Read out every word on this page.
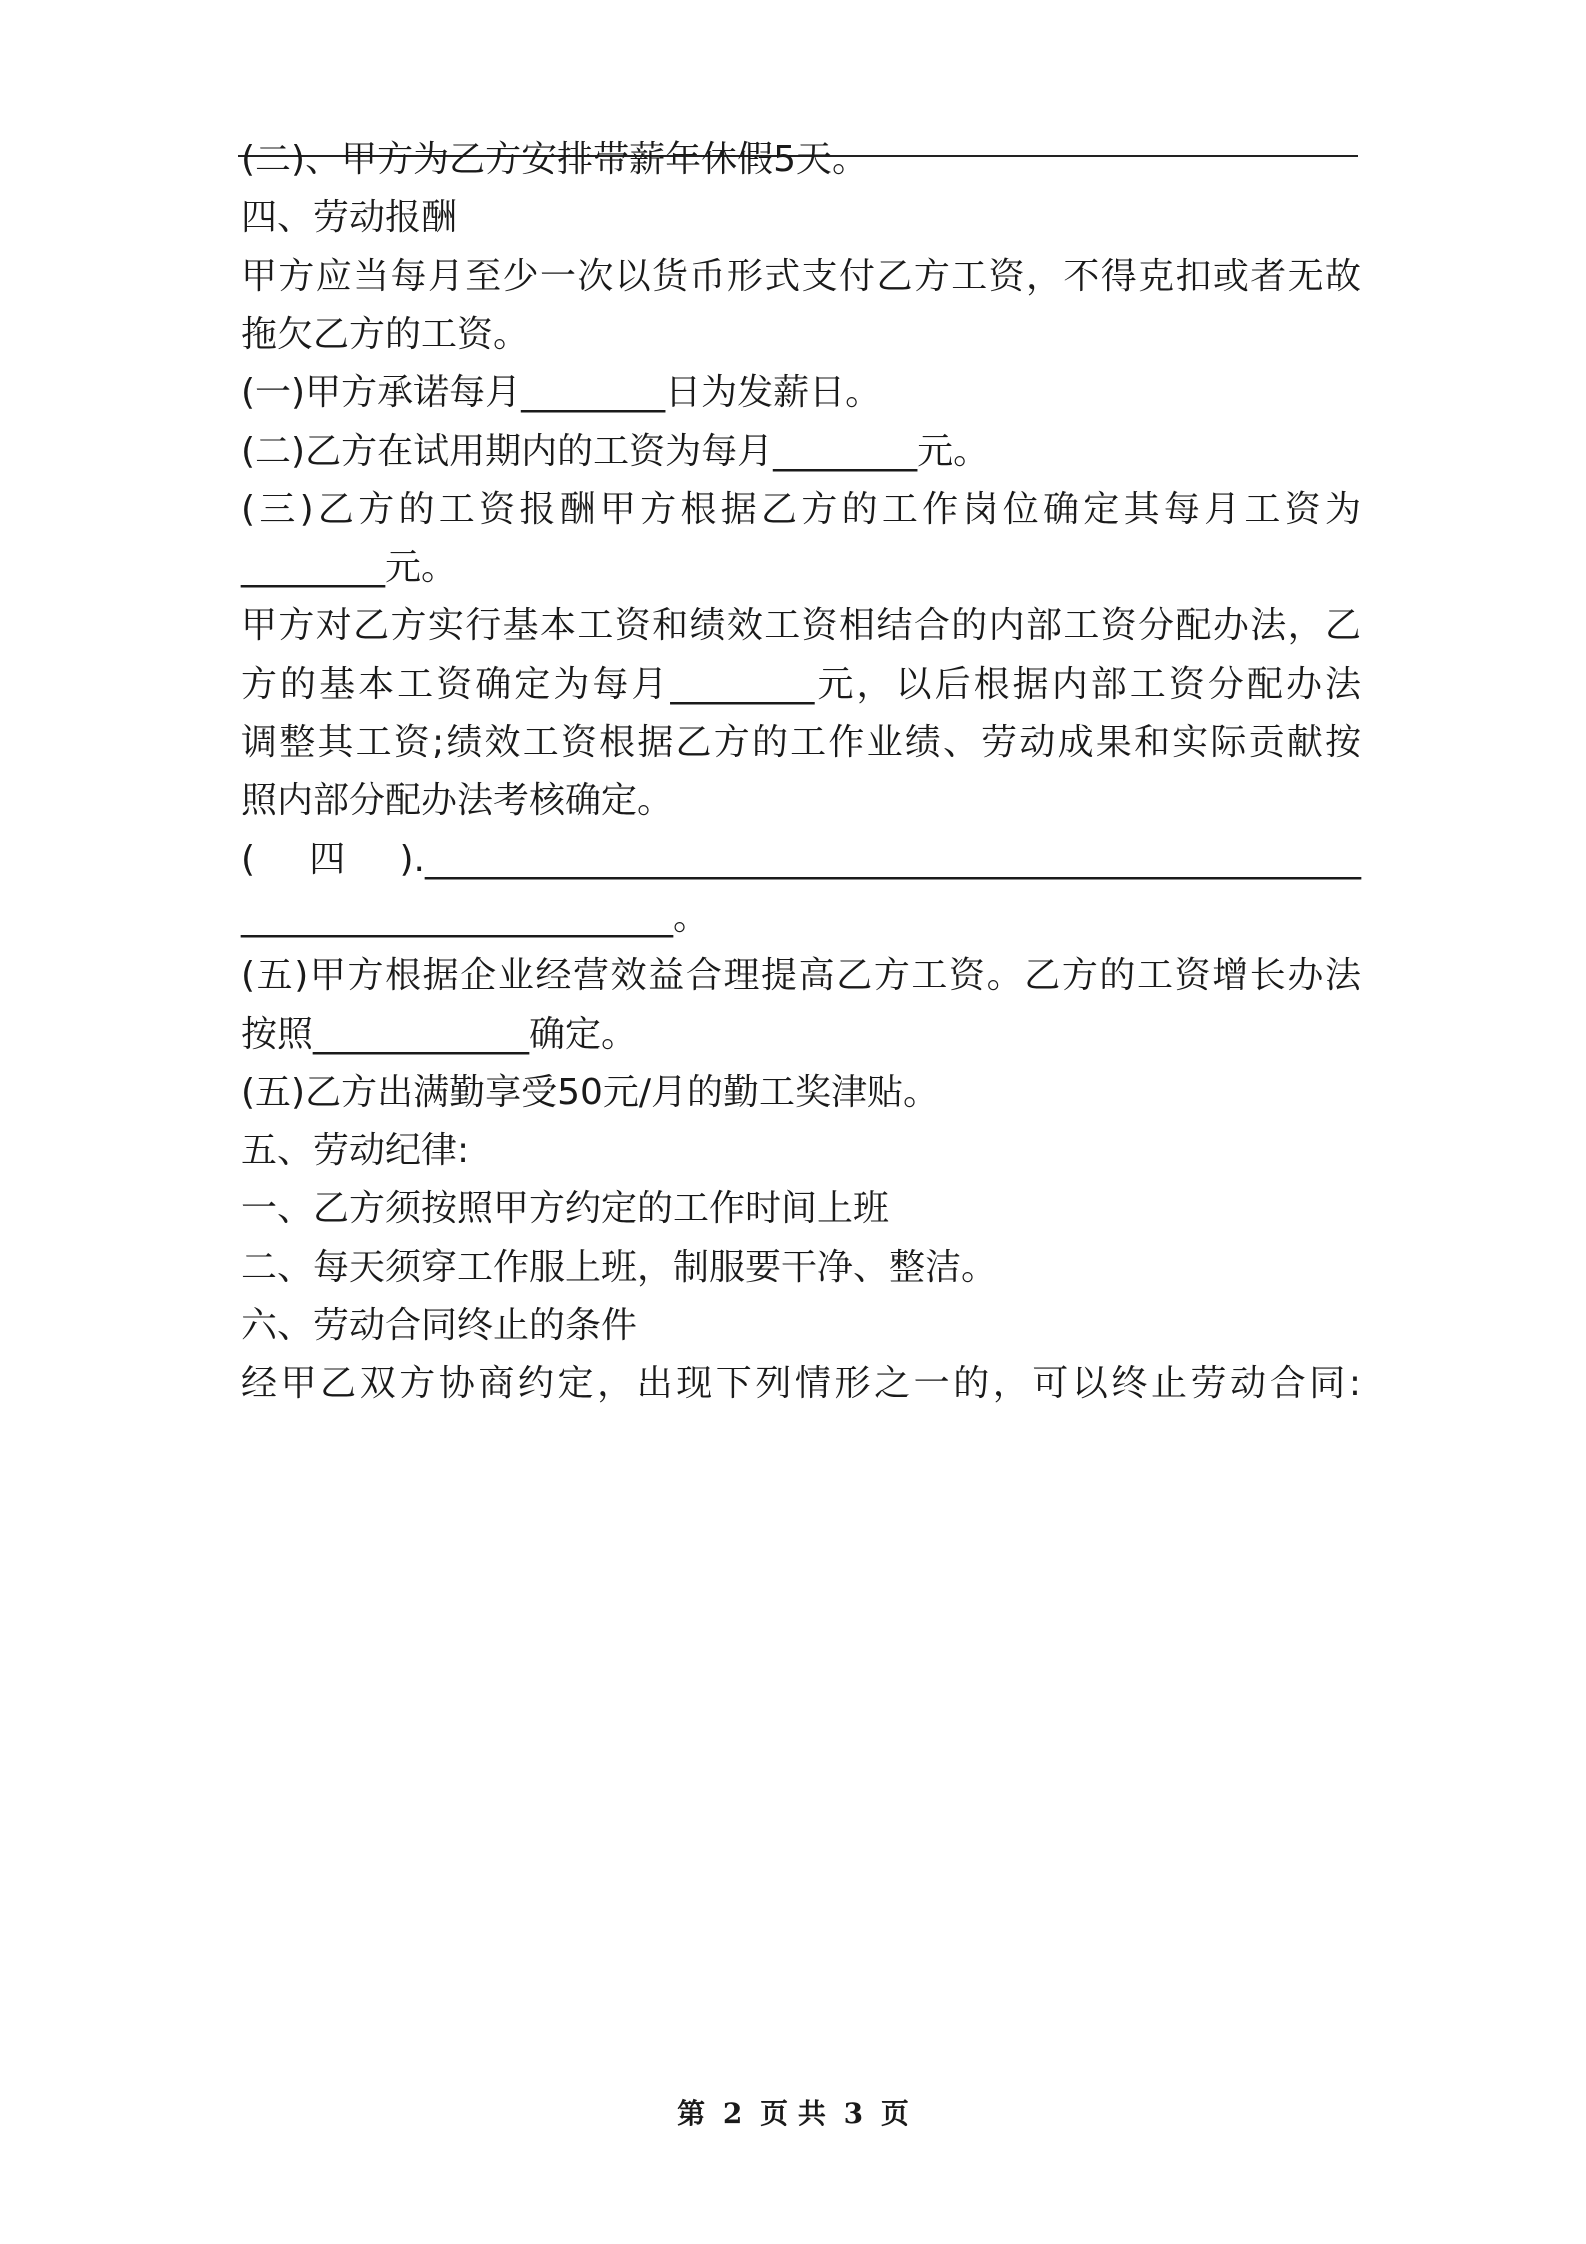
(二)、甲方为乙方安排带薪年休假5天。

四、劳动报酬

甲方应当每月至少一次以货币形式支付乙方工资，不得克扣或者无故

拖欠乙方的工资。

(一)甲方承诺每月________日为发薪日。

(二)乙方在试用期内的工资为每月________元。

(三)乙方的工资报酬甲方根据乙方的工作岗位确定其每月工资为

________元。

甲方对乙方实行基本工资和绩效工资相结合的内部工资分配办法，乙

方的基本工资确定为每月________元，以后根据内部工资分配办法

调整其工资;绩效工资根据乙方的工作业绩、劳动成果和实际贡献按

照内部分配办法考核确定。

(四).____________________________________________________

________________________。

(五)甲方根据企业经营效益合理提高乙方工资。乙方的工资增长办法

按照____________确定。

(五)乙方出满勤享受50元/月的勤工奖津贴。

五、劳动纪律:

一、乙方须按照甲方约定的工作时间上班

二、每天须穿工作服上班，制服要干净、整洁。

六、劳动合同终止的条件

经甲乙双方协商约定，出现下列情形之一的，可以终止劳动合同:

第 2 页 共 3 页
